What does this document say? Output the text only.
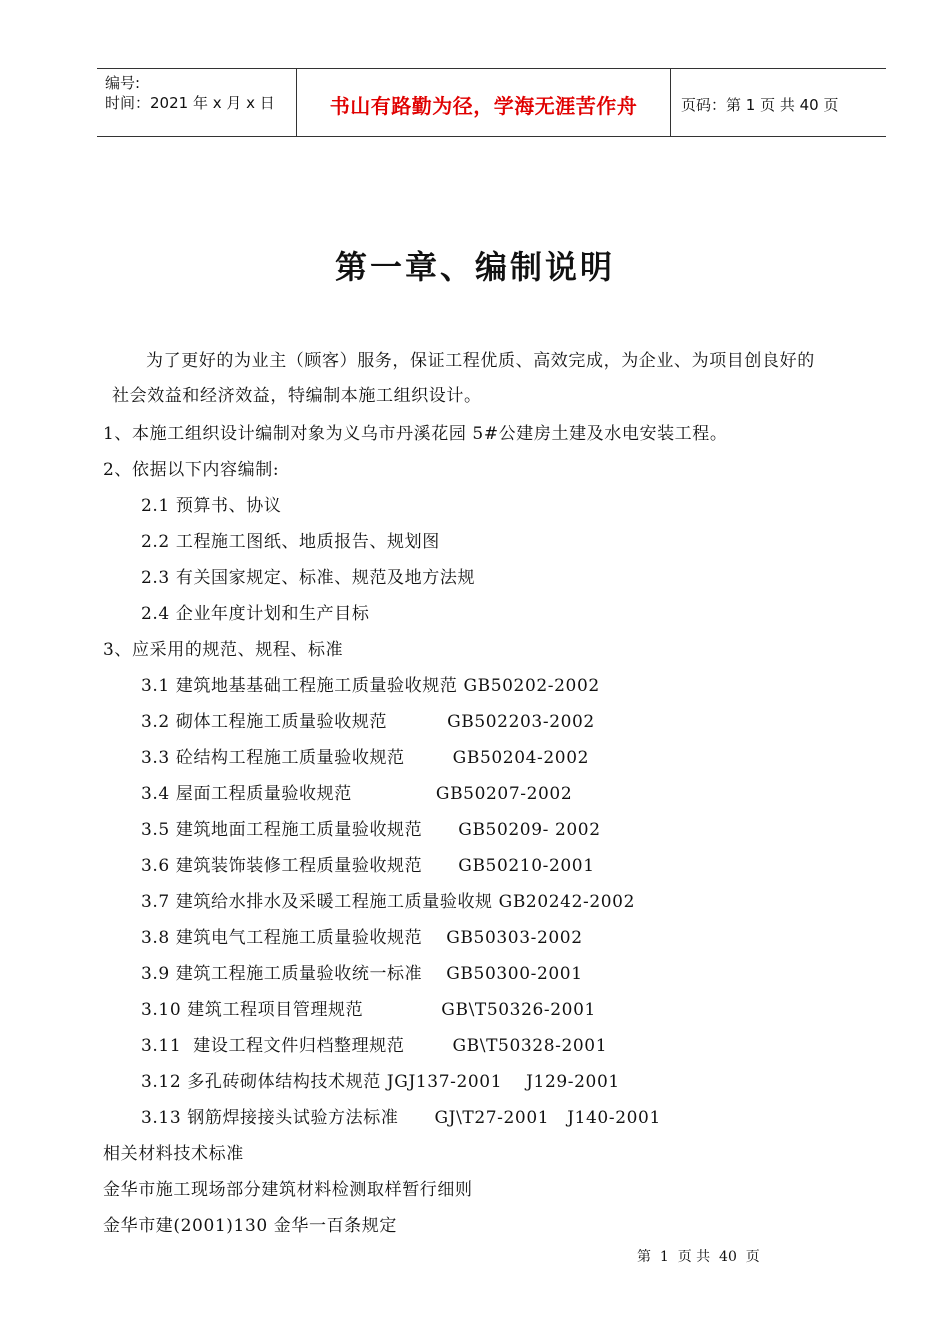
编号:
时间：2021 年 x 月 x 日	书山有路勤为径，学海无涯苦作舟	页码：第 1 页 共 40 页
第一章、编制说明
为了更好的为业主（顾客）服务，保证工程优质、高效完成，为企业、为项目创良好的
社会效益和经济效益，特编制本施工组织设计。
1、本施工组织设计编制对象为义乌市丹溪花园 5#公建房土建及水电安装工程。
2、依据以下内容编制:
2.1 预算书、协议
2.2 工程施工图纸、地质报告、规划图
2.3 有关国家规定、标准、规范及地方法规
2.4 企业年度计划和生产目标
3、应采用的规范、规程、标准
3.1 建筑地基基础工程施工质量验收规范 GB50202-2002
3.2 砌体工程施工质量验收规范          GB502203-2002
3.3 砼结构工程施工质量验收规范        GB50204-2002
3.4 屋面工程质量验收规范              GB50207-2002
3.5 建筑地面工程施工质量验收规范      GB50209- 2002
3.6 建筑装饰装修工程质量验收规范      GB50210-2001
3.7 建筑给水排水及采暖工程施工质量验收规 GB20242-2002
3.8 建筑电气工程施工质量验收规范    GB50303-2002
3.9 建筑工程施工质量验收统一标准    GB50300-2001
3.10 建筑工程项目管理规范             GB\T50326-2001
3.11  建设工程文件归档整理规范        GB\T50328-2001
3.12 多孔砖砌体结构技术规范 JGJ137-2001    J129-2001
3.13 钢筋焊接接头试验方法标准      GJ\T27-2001   J140-2001
相关材料技术标准
金华市施工现场部分建筑材料检测取样暂行细则
金华市建(2001)130 金华一百条规定
第  1  页 共  40  页
